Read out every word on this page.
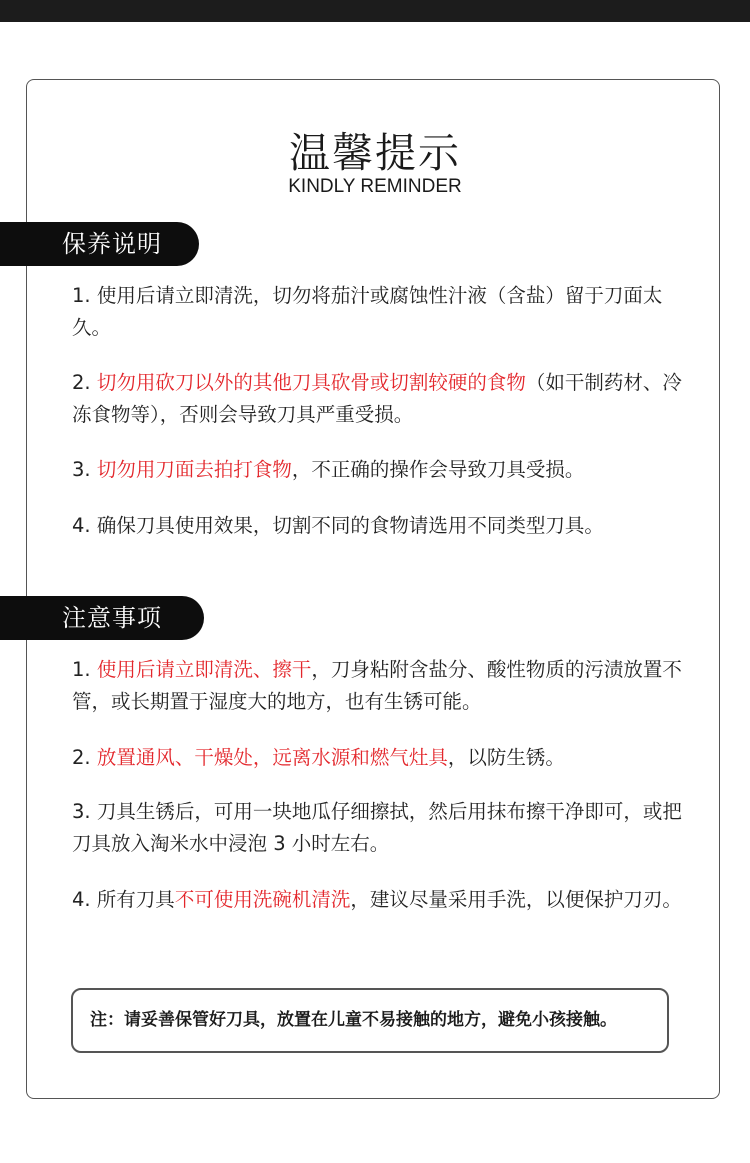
温馨提示
KINDLY REMINDER
保养说明

1. 使用后请立即清洗，切勿将茄汁或腐蚀性汁液（含盐）留于刀面太久。

2. 切勿用砍刀以外的其他刀具砍骨或切割较硬的食物（如干制药材、冷冻食物等），否则会导致刀具严重受损。

3. 切勿用刀面去拍打食物，不正确的操作会导致刀具受损。

4. 确保刀具使用效果，切割不同的食物请选用不同类型刀具。

注意事项

1. 使用后请立即清洗、擦干，刀身粘附含盐分、酸性物质的污渍放置不管，或长期置于湿度大的地方，也有生锈可能。

2. 放置通风、干燥处，远离水源和燃气灶具，以防生锈。

3. 刀具生锈后，可用一块地瓜仔细擦拭，然后用抹布擦干净即可，或把刀具放入淘米水中浸泡 3 小时左右。

4. 所有刀具不可使用洗碗机清洗，建议尽量采用手洗，以便保护刀刃。

注：请妥善保管好刀具，放置在儿童不易接触的地方，避免小孩接触。
